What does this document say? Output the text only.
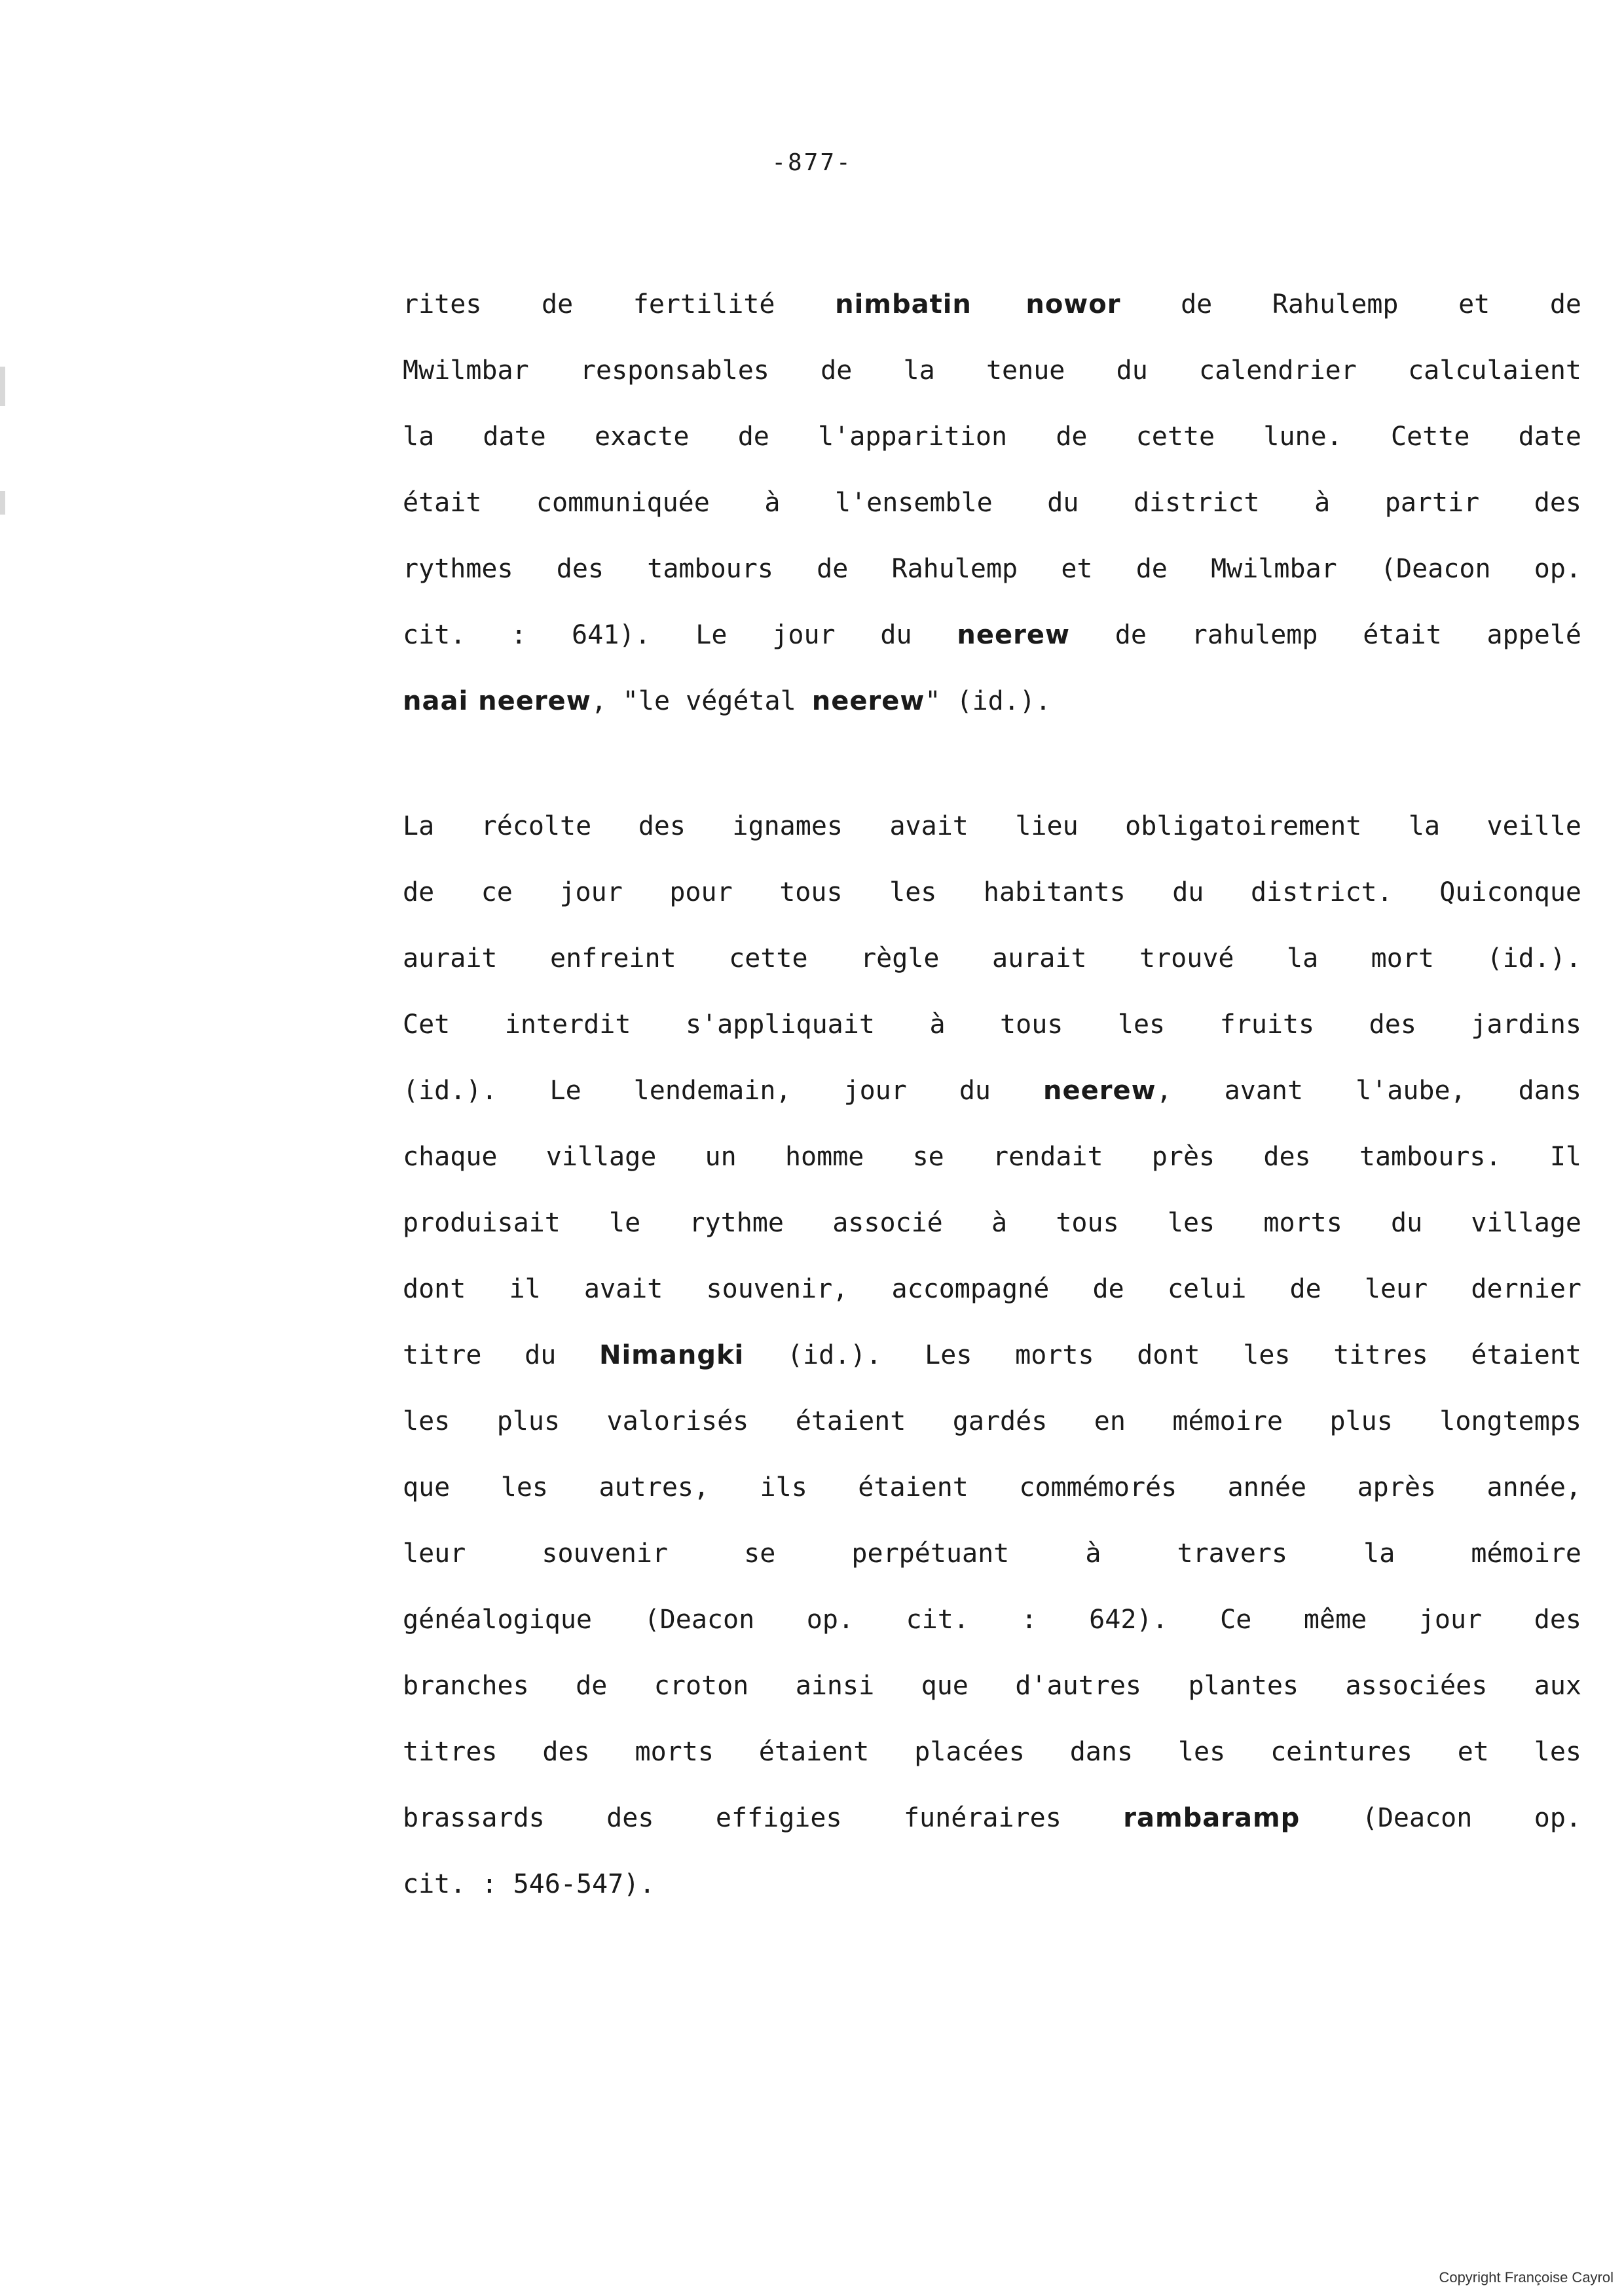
-877-
rites de fertilité nimbatin nowor de Rahulemp et de
Mwilmbar responsables de la tenue du calendrier calculaient
la date exacte de l'apparition de cette lune. Cette date
était communiquée à l'ensemble du district à partir des
rythmes des tambours de Rahulemp et de Mwilmbar (Deacon op.
cit. : 641). Le jour du neerew de rahulemp était appelé
naai neerew, "le végétal neerew" (id.).
La récolte des ignames avait lieu obligatoirement la veille
de ce jour pour tous les habitants du district. Quiconque
aurait enfreint cette règle aurait trouvé la mort (id.).
Cet interdit s'appliquait à tous les fruits des jardins
(id.). Le lendemain, jour du neerew, avant l'aube, dans
chaque village un homme se rendait près des tambours. Il
produisait le rythme associé à tous les morts du village
dont il avait souvenir, accompagné de celui de leur dernier
titre du Nimangki (id.). Les morts dont les titres étaient
les plus valorisés étaient gardés en mémoire plus longtemps
que les autres, ils étaient commémorés année après année,
leur souvenir se perpétuant à travers la mémoire
généalogique (Deacon op. cit. : 642). Ce même jour des
branches de croton ainsi que d'autres plantes associées aux
titres des morts étaient placées dans les ceintures et les
brassards des effigies funéraires rambaramp (Deacon op.
cit. : 546-547).
Copyright Françoise Cayrol
